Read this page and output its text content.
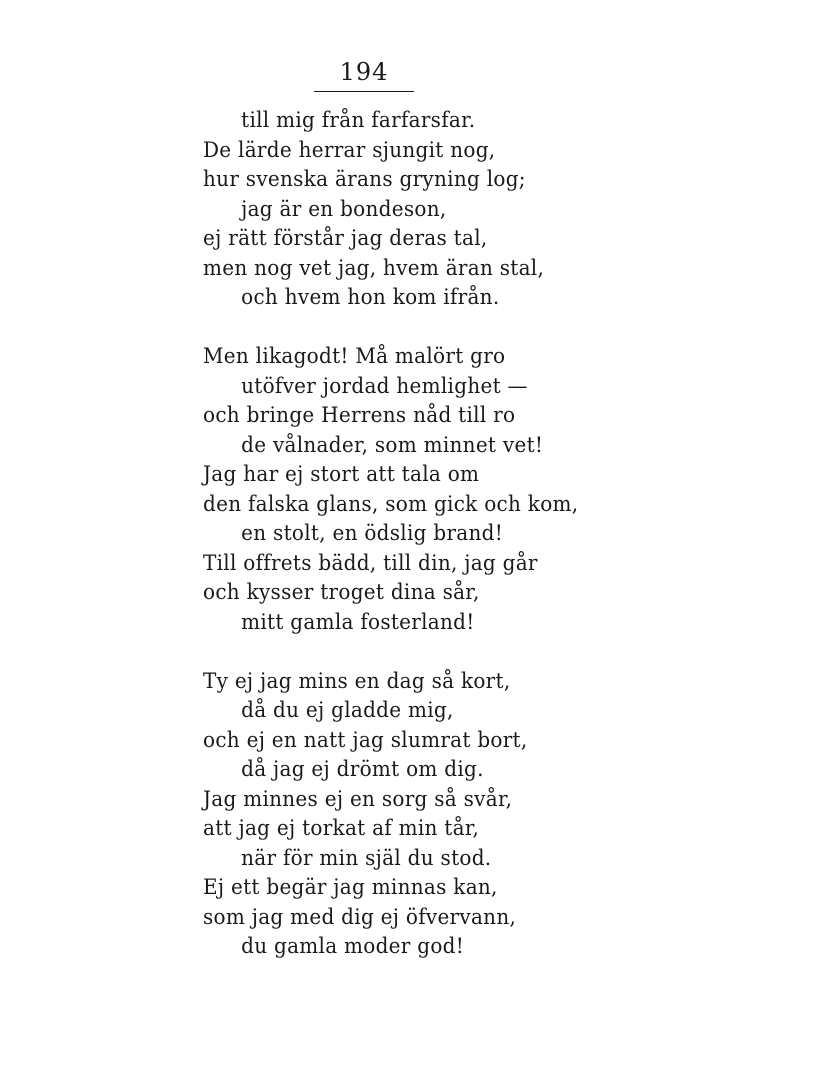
194
till mig från farfarsfar.
De lärde herrar sjungit nog,
hur svenska ärans gryning log;
jag är en bondeson,
ej rätt förstår jag deras tal,
men nog vet jag, hvem äran stal,
och hvem hon kom ifrån.
Men likagodt! Må malört gro
utöfver jordad hemlighet —
och bringe Herrens nåd till ro
de vålnader, som minnet vet!
Jag har ej stort att tala om
den falska glans, som gick och kom,
en stolt, en ödslig brand!
Till offrets bädd, till din, jag går
och kysser troget dina sår,
mitt gamla fosterland!
Ty ej jag mins en dag så kort,
då du ej gladde mig,
och ej en natt jag slumrat bort,
då jag ej drömt om dig.
Jag minnes ej en sorg så svår,
att jag ej torkat af min tår,
när för min själ du stod.
Ej ett begär jag minnas kan,
som jag med dig ej öfvervann,
du gamla moder god!
